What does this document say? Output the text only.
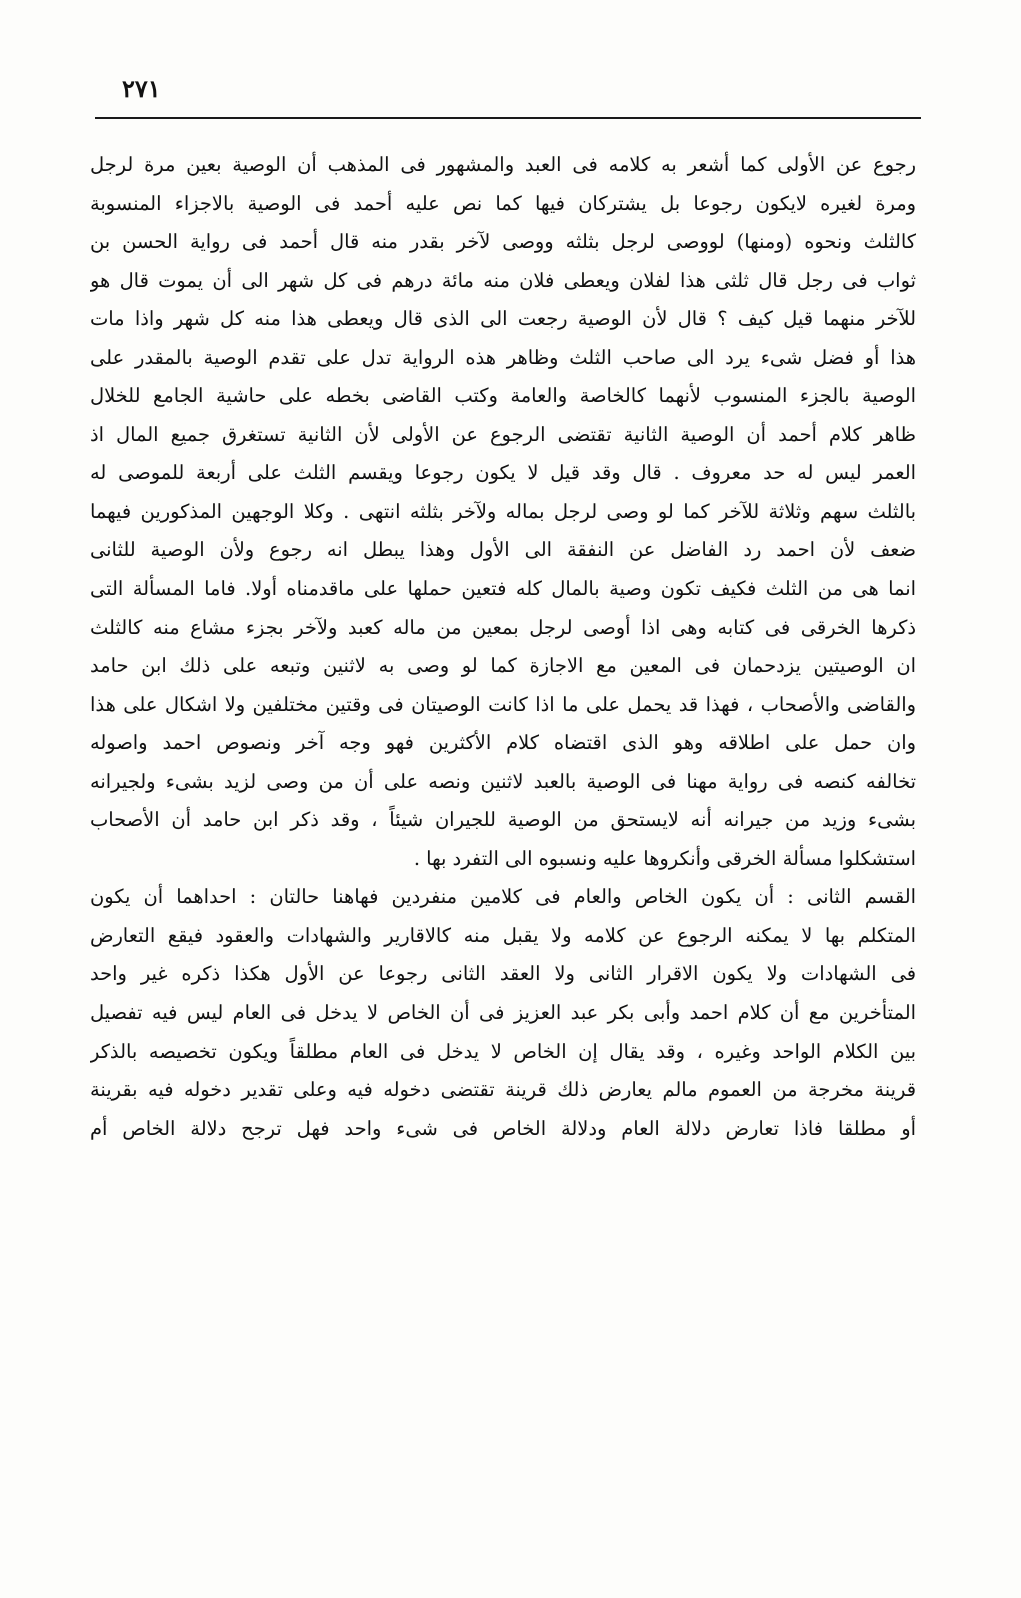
٢٧١
رجوع عن الأولى كما أشعر به كلامه فى العبد والمشهور فى المذهب أن الوصية بعين مرة لرجل
ومرة لغيره لايكون رجوعا بل يشتركان فيها كما نص عليه أحمد فى الوصية بالاجزاء المنسوبة
كالثلث ونحوه (ومنها) لووصى لرجل بثلثه ووصى لآخر بقدر منه قال أحمد فى رواية الحسن بن
ثواب فى رجل قال ثلثى هذا لفلان ويعطى فلان منه مائة درهم فى كل شهر الى أن يموت قال هو
للآخر منهما قيل كيف ؟ قال لأن الوصية رجعت الى الذى قال ويعطى هذا منه كل شهر واذا مات
هذا أو فضل شىء يرد الى صاحب الثلث وظاهر هذه الرواية تدل على تقدم الوصية بالمقدر على
الوصية بالجزء المنسوب لأنهما كالخاصة والعامة وكتب القاضى بخطه على حاشية الجامع للخلال
ظاهر كلام أحمد أن الوصية الثانية تقتضى الرجوع عن الأولى لأن الثانية تستغرق جميع المال اذ
العمر ليس له حد معروف . قال وقد قيل لا يكون رجوعا ويقسم الثلث على أربعة للموصى له
بالثلث سهم وثلاثة للآخر كما لو وصى لرجل بماله ولآخر بثلثه انتهى . وكلا الوجهين المذكورين فيهما
ضعف لأن احمد رد الفاضل عن النفقة الى الأول وهذا يبطل انه رجوع ولأن الوصية للثانى
انما هى من الثلث فكيف تكون وصية بالمال كله فتعين حملها على ماقدمناه أولا. فاما المسألة التى
ذكرها الخرقى فى كتابه وهى اذا أوصى لرجل بمعين من ماله كعبد ولآخر بجزء مشاع منه كالثلث
ان الوصيتين يزدحمان فى المعين مع الاجازة كما لو وصى به لاثنين وتبعه على ذلك ابن حامد
والقاضى والأصحاب ، فهذا قد يحمل على ما اذا كانت الوصيتان فى وقتين مختلفين ولا اشكال على هذا
وان حمل على اطلاقه وهو الذى اقتضاه كلام الأكثرين فهو وجه آخر ونصوص احمد واصوله
تخالفه كنصه فى رواية مهنا فى الوصية بالعبد لاثنين ونصه على أن من وصى لزيد بشىء ولجيرانه
بشىء وزيد من جيرانه أنه لايستحق من الوصية للجيران شيئاً ، وقد ذكر ابن حامد أن الأصحاب
استشكلوا مسألة الخرقى وأنكروها عليه ونسبوه الى التفرد بها .
القسم الثانى : أن يكون الخاص والعام فى كلامين منفردين فهاهنا حالتان : احداهما أن يكون
المتكلم بها لا يمكنه الرجوع عن كلامه ولا يقبل منه كالاقارير والشهادات والعقود فيقع التعارض
فى الشهادات ولا يكون الاقرار الثانى ولا العقد الثانى رجوعا عن الأول هكذا ذكره غير واحد
المتأخرين مع أن كلام احمد وأبى بكر عبد العزيز فى أن الخاص لا يدخل فى العام ليس فيه تفصيل
بين الكلام الواحد وغيره ، وقد يقال إن الخاص لا يدخل فى العام مطلقاً ويكون تخصيصه بالذكر
قرينة مخرجة من العموم مالم يعارض ذلك قرينة تقتضى دخوله فيه وعلى تقدير دخوله فيه بقرينة
أو مطلقا فاذا تعارض دلالة العام ودلالة الخاص فى شىء واحد فهل ترجح دلالة الخاص أم
